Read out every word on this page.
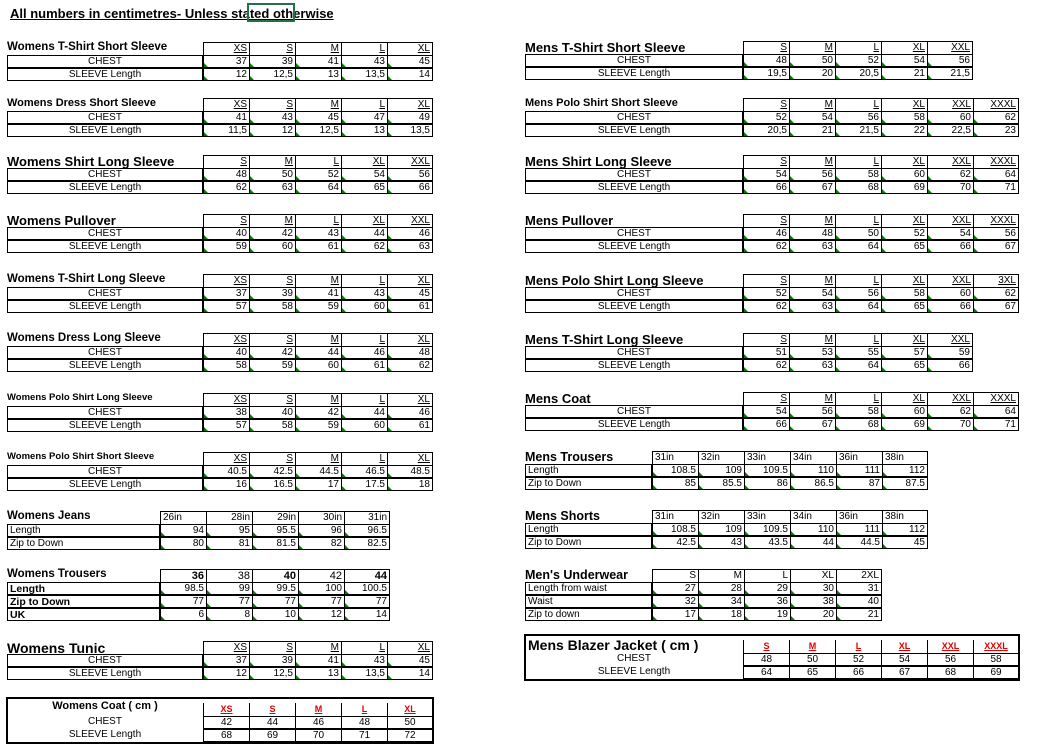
All numbers in centimetres- Unless stated otherwise
Womens T-Shirt Short Sleeve	XS	S	M	L	XL
CHEST	37	39	41	43	45
SLEEVE Length	12	12,5	13	13,5	14
Womens Dress Short Sleeve	XS	S	M	L	XL
CHEST	41	43	45	47	49
SLEEVE Length	11,5	12	12,5	13	13,5
Womens Shirt Long Sleeve	S	M	L	XL	XXL
CHEST	48	50	52	54	56
SLEEVE Length	62	63	64	65	66
Womens Pullover	S	M	L	XL	XXL
CHEST	40	42	43	44	46
SLEEVE Length	59	60	61	62	63
Womens T-Shirt Long Sleeve	XS	S	M	L	XL
CHEST	37	39	41	43	45
SLEEVE Length	57	58	59	60	61
Womens Dress Long Sleeve	XS	S	M	L	XL
CHEST	40	42	44	46	48
SLEEVE Length	58	59	60	61	62
Womens Polo Shirt Long Sleeve	XS	S	M	L	XL
CHEST	38	40	42	44	46
SLEEVE Length	57	58	59	60	61
Womens Polo Shirt Short Sleeve	XS	S	M	L	XL
CHEST	40.5	42.5	44.5	46.5	48.5
SLEEVE Length	16	16.5	17	17.5	18
Womens Jeans	26in	28in	29in	30in	31in
Length	94	95	95.5	96	96.5
Zip to Down	80	81	81.5	82	82.5
Womens Trousers	36	38	40	42	44
Length	98.5	99	99.5	100	100.5
Zip to Down	77	77	77	77	77
UK	6	8	10	12	14
Womens Tunic	XS	S	M	L	XL
CHEST	37	39	41	43	45
SLEEVE Length	12	12,5	13	13,5	14
Womens Coat ( cm )	XS	S	M	L	XL
CHEST	42	44	46	48	50
SLEEVE Length	68	69	70	71	72
Mens T-Shirt Short Sleeve	S	M	L	XL	XXL
CHEST	48	50	52	54	56
SLEEVE Length	19,5	20	20,5	21	21,5
Mens Polo Shirt Short Sleeve	S	M	L	XL	XXL	XXXL
CHEST	52	54	56	58	60	62
SLEEVE Length	20,5	21	21,5	22	22,5	23
Mens Shirt Long Sleeve	S	M	L	XL	XXL	XXXL
CHEST	54	56	58	60	62	64
SLEEVE Length	66	67	68	69	70	71
Mens Pullover	S	M	L	XL	XXL	XXXL
CHEST	46	48	50	52	54	56
SLEEVE Length	62	63	64	65	66	67
Mens Polo Shirt Long Sleeve	S	M	L	XL	XXL	3XL
CHEST	52	54	56	58	60	62
SLEEVE Length	62	63	64	65	66	67
Mens T-Shirt Long Sleeve	S	M	L	XL	XXL
CHEST	51	53	55	57	59
SLEEVE Length	62	63	64	65	66
Mens Coat	S	M	L	XL	XXL	XXXL
CHEST	54	56	58	60	62	64
SLEEVE Length	66	67	68	69	70	71
Mens Trousers	31in	32in	33in	34in	36in	38in
Length	108.5	109	109.5	110	111	112
Zip to Down	85	85.5	86	86.5	87	87.5
Mens Shorts	31in	32in	33in	34in	36in	38in
Length	108.5	109	109.5	110	111	112
Zip to Down	42.5	43	43.5	44	44.5	45
Men's Underwear	S	M	L	XL	2XL
Length from waist	27	28	29	30	31
Waist	32	34	36	38	40
Zip to down	17	18	19	20	21
Mens Blazer Jacket ( cm )	S	M	L	XL	XXL	XXXL
CHEST	48	50	52	54	56	58
SLEEVE Length	64	65	66	67	68	69
